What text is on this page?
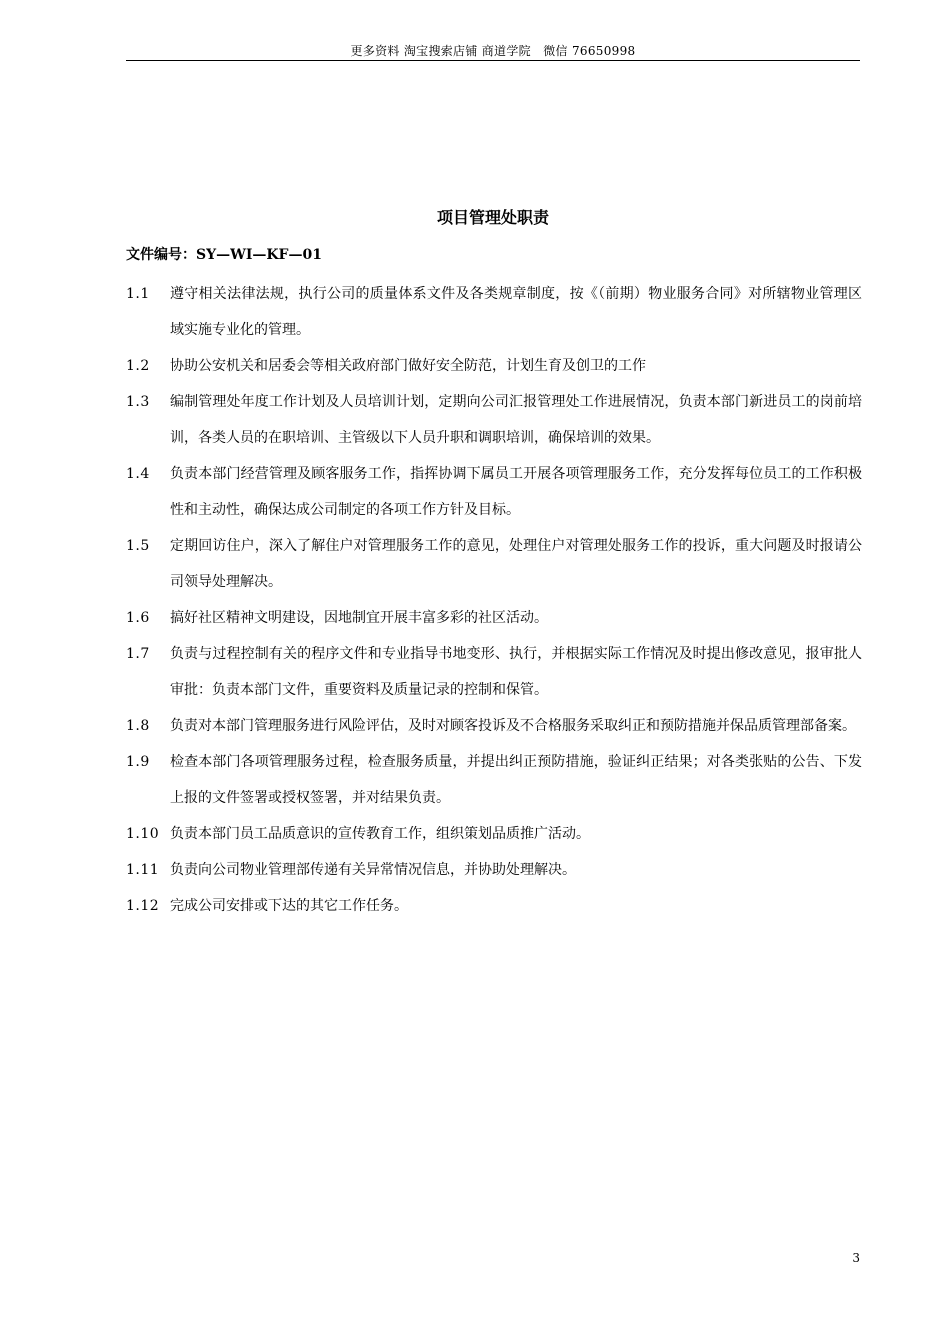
更多资料 淘宝搜索店铺 商道学院　微信 76650998
项目管理处职责
文件编号：SY—WI—KF—01
1.1	遵守相关法律法规，执行公司的质量体系文件及各类规章制度，按《（前期）物业服务合同》对所辖物业管理区域实施专业化的管理。
1.2	协助公安机关和居委会等相关政府部门做好安全防范，计划生育及创卫的工作
1.3	编制管理处年度工作计划及人员培训计划，定期向公司汇报管理处工作进展情况，负责本部门新进员工的岗前培训，各类人员的在职培训、主管级以下人员升职和调职培训，确保培训的效果。
1.4	负责本部门经营管理及顾客服务工作，指挥协调下属员工开展各项管理服务工作，充分发挥每位员工的工作积极性和主动性，确保达成公司制定的各项工作方针及目标。
1.5	定期回访住户，深入了解住户对管理服务工作的意见，处理住户对管理处服务工作的投诉，重大问题及时报请公司领导处理解决。
1.6	搞好社区精神文明建设，因地制宜开展丰富多彩的社区活动。
1.7	负责与过程控制有关的程序文件和专业指导书地变形、执行，并根据实际工作情况及时提出修改意见，报审批人审批：负责本部门文件，重要资料及质量记录的控制和保管。
1.8	负责对本部门管理服务进行风险评估，及时对顾客投诉及不合格服务采取纠正和预防措施并保品质管理部备案。
1.9	检查本部门各项管理服务过程，检查服务质量，并提出纠正预防措施，验证纠正结果；对各类张贴的公告、下发上报的文件签署或授权签署，并对结果负责。
1.10 负责本部门员工品质意识的宣传教育工作，组织策划品质推广活动。
1.11 负责向公司物业管理部传递有关异常情况信息，并协助处理解决。
1.12 完成公司安排或下达的其它工作任务。
3
